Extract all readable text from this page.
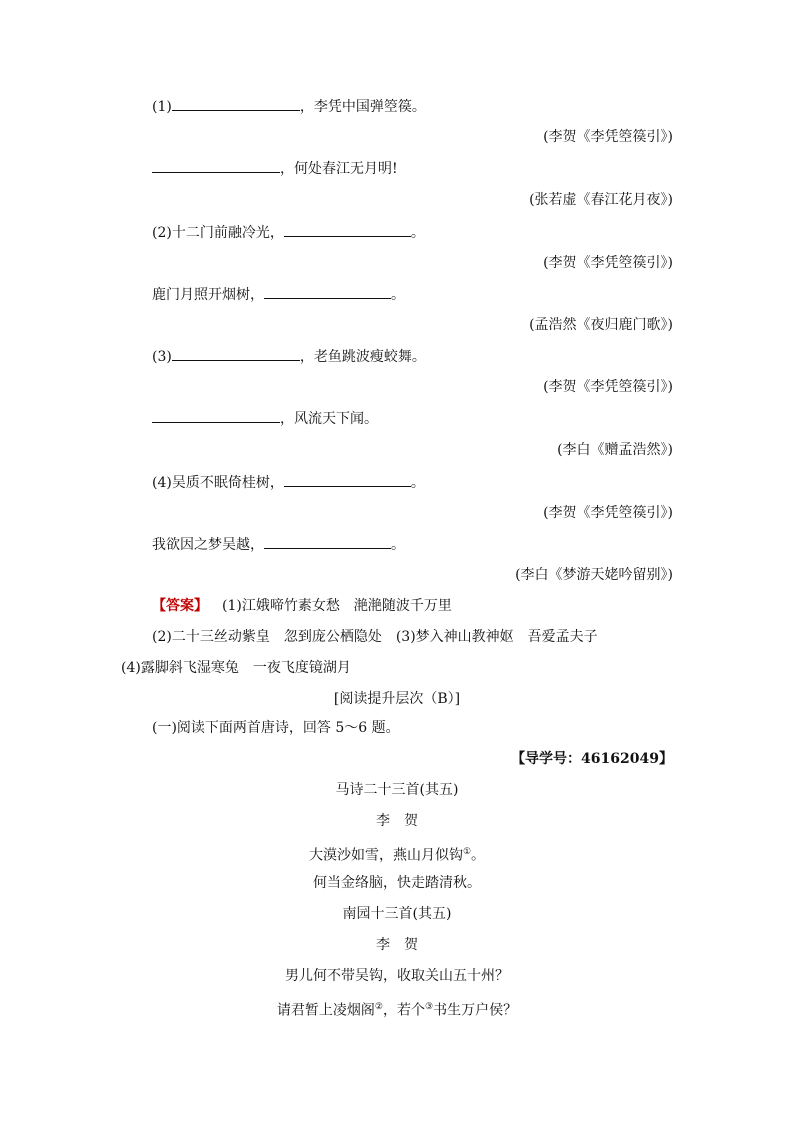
(1)	，李凭中国弹箜篌。
(李贺《李凭箜篌引》)
，何处春江无月明!
(张若虚《春江花月夜》)
(2)十二门前融冷光，	。
(李贺《李凭箜篌引》)
鹿门月照开烟树，	。
(孟浩然《夜归鹿门歌》)
(3)	，老鱼跳波瘦蛟舞。
(李贺《李凭箜篌引》)
，风流天下闻。
(李白《赠孟浩然》)
(4)吴质不眠倚桂树，	。
(李贺《李凭箜篌引》)
我欲因之梦吴越，	。
(李白《梦游天姥吟留别》)
【答案】 (1)江娥啼竹素女愁　滟滟随波千万里
(2)二十三丝动紫皇　忽到庞公栖隐处　(3)梦入神山教神妪　吾爱孟夫子
(4)露脚斜飞湿寒兔　一夜飞度镜湖月
[阅读提升层次（B）]
(一)阅读下面两首唐诗，回答 5～6 题。
【导学号：46162049】
马诗二十三首(其五)
李　贺
大漠沙如雪，燕山月似钩①。
何当金络脑，快走踏清秋。
南园十三首(其五)
李　贺
男儿何不带吴钩，收取关山五十州？
请君暂上凌烟阁②，若个③书生万户侯？
